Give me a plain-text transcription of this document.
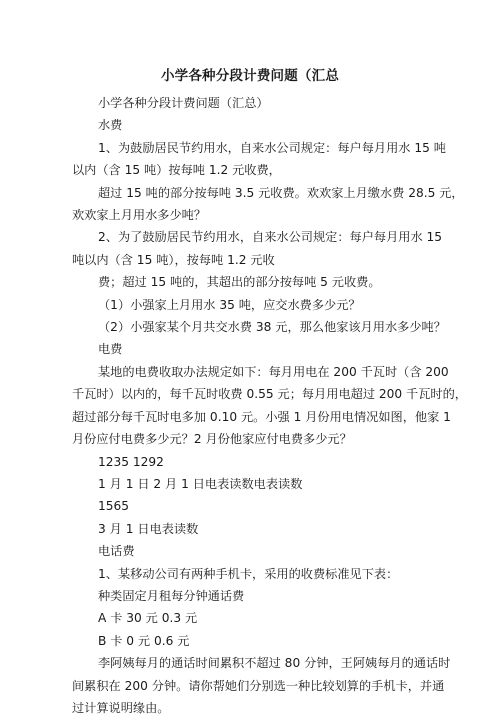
小学各种分段计费问题（汇总
小学各种分段计费问题（汇总）
水费
1、为鼓励居民节约用水，自来水公司规定：每户每月用水 15 吨
以内（含 15 吨）按每吨 1.2 元收费，
超过 15 吨的部分按每吨 3.5 元收费。欢欢家上月缴水费 28.5 元，
欢欢家上月用水多少吨？
2、为了鼓励居民节约用水，自来水公司规定：每户每月用水 15
吨以内（含 15 吨），按每吨 1.2 元收
费；超过 15 吨的，其超出的部分按每吨 5 元收费。
（1）小强家上月用水 35 吨，应交水费多少元？
（2）小强家某个月共交水费 38 元，那么他家该月用水多少吨？
电费
某地的电费收取办法规定如下：每月用电在 200 千瓦时（含 200
千瓦时）以内的，每千瓦时收费 0.55 元；每月用电超过 200 千瓦时的，
超过部分每千瓦时电多加 0.10 元。小强 1 月份用电情况如图，他家 1
月份应付电费多少元？2 月份他家应付电费多少元？
1235 1292
1 月 1 日 2 月 1 日电表读数电表读数
1565
3 月 1 日电表读数
电话费
1、某移动公司有两种手机卡，采用的收费标准见下表：
种类固定月租每分钟通话费
A 卡 30 元 0.3 元
B 卡 0 元 0.6 元
李阿姨每月的通话时间累积不超过 80 分钟，王阿姨每月的通话时
间累积在 200 分钟。请你帮她们分别选一种比较划算的手机卡，并通
过计算说明缘由。
